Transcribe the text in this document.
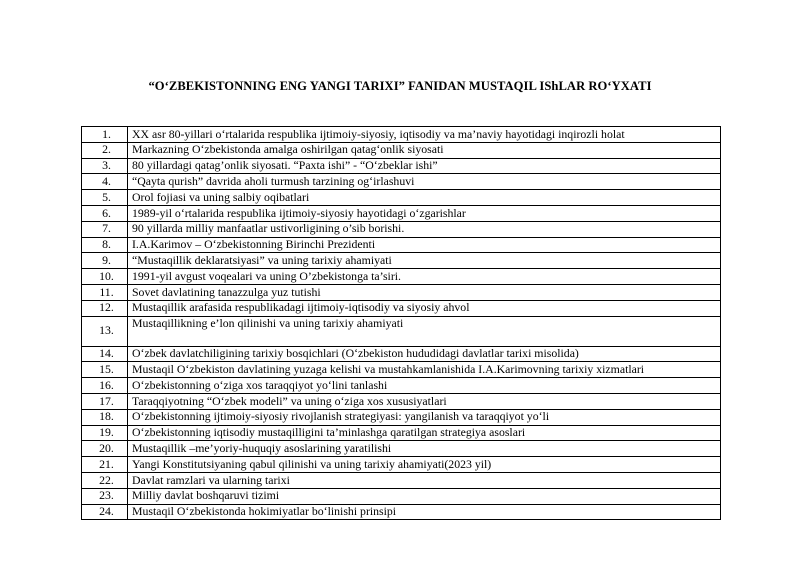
“O‘ZBEKISTONNING ENG YANGI TARIXI” FANIDAN MUSTAQIL IShLAR RO‘YXATI
1.	XX asr 80-yillari o‘rtalarida respublika ijtimoiy-siyosiy, iqtisodiy va ma’naviy hayotidagi inqirozli holat
2.	Markazning O‘zbekistonda amalga oshirilgan qatag‘onlik siyosati
3.	80 yillardagi qatag’onlik siyosati. “Paxta ishi” - “O‘zbeklar ishi”
4.	“Qayta qurish” davrida aholi turmush tarzining og‘irlashuvi
5.	Orol fojiasi va uning salbiy oqibatlari
6.	1989-yil o‘rtalarida respublika ijtimoiy-siyosiy hayotidagi o‘zgarishlar
7.	90 yillarda milliy manfaatlar ustivorligining o’sib borishi.
8.	I.A.Karimov – O‘zbekistonning Birinchi Prezidenti
9.	“Mustaqillik deklaratsiyasi” va uning tarixiy ahamiyati
10.	1991-yil avgust voqealari va uning O’zbekistonga ta’siri.
11.	Sovet davlatining tanazzulga yuz tutishi
12.	Mustaqillik arafasida respublikadagi ijtimoiy-iqtisodiy va siyosiy ahvol
13.	Mustaqillikning e’lon qilinishi va uning tarixiy ahamiyati
14.	O‘zbek davlatchiligining tarixiy bosqichlari (O‘zbekiston hududidagi davlatlar tarixi misolida)
15.	Mustaqil O‘zbekiston davlatining yuzaga kelishi va mustahkamlanishida I.A.Karimovning tarixiy xizmatlari
16.	O‘zbekistonning o‘ziga xos taraqqiyot yo‘lini tanlashi
17.	Taraqqiyotning “O‘zbek modeli” va uning o‘ziga xos xususiyatlari
18.	O‘zbekistonning ijtimoiy-siyosiy rivojlanish strategiyasi: yangilanish va taraqqiyot yo‘li
19.	O‘zbekistonning iqtisodiy mustaqilligini ta’minlashga qaratilgan strategiya asoslari
20.	Mustaqillik –me’yoriy-huquqiy asoslarining yaratilishi
21.	Yangi Konstitutsiyaning qabul qilinishi va uning tarixiy ahamiyati(2023 yil)
22.	Davlat ramzlari va ularning tarixi
23.	Milliy davlat boshqaruvi tizimi
24.	Mustaqil O‘zbekistonda hokimiyatlar bo‘linishi prinsipi
